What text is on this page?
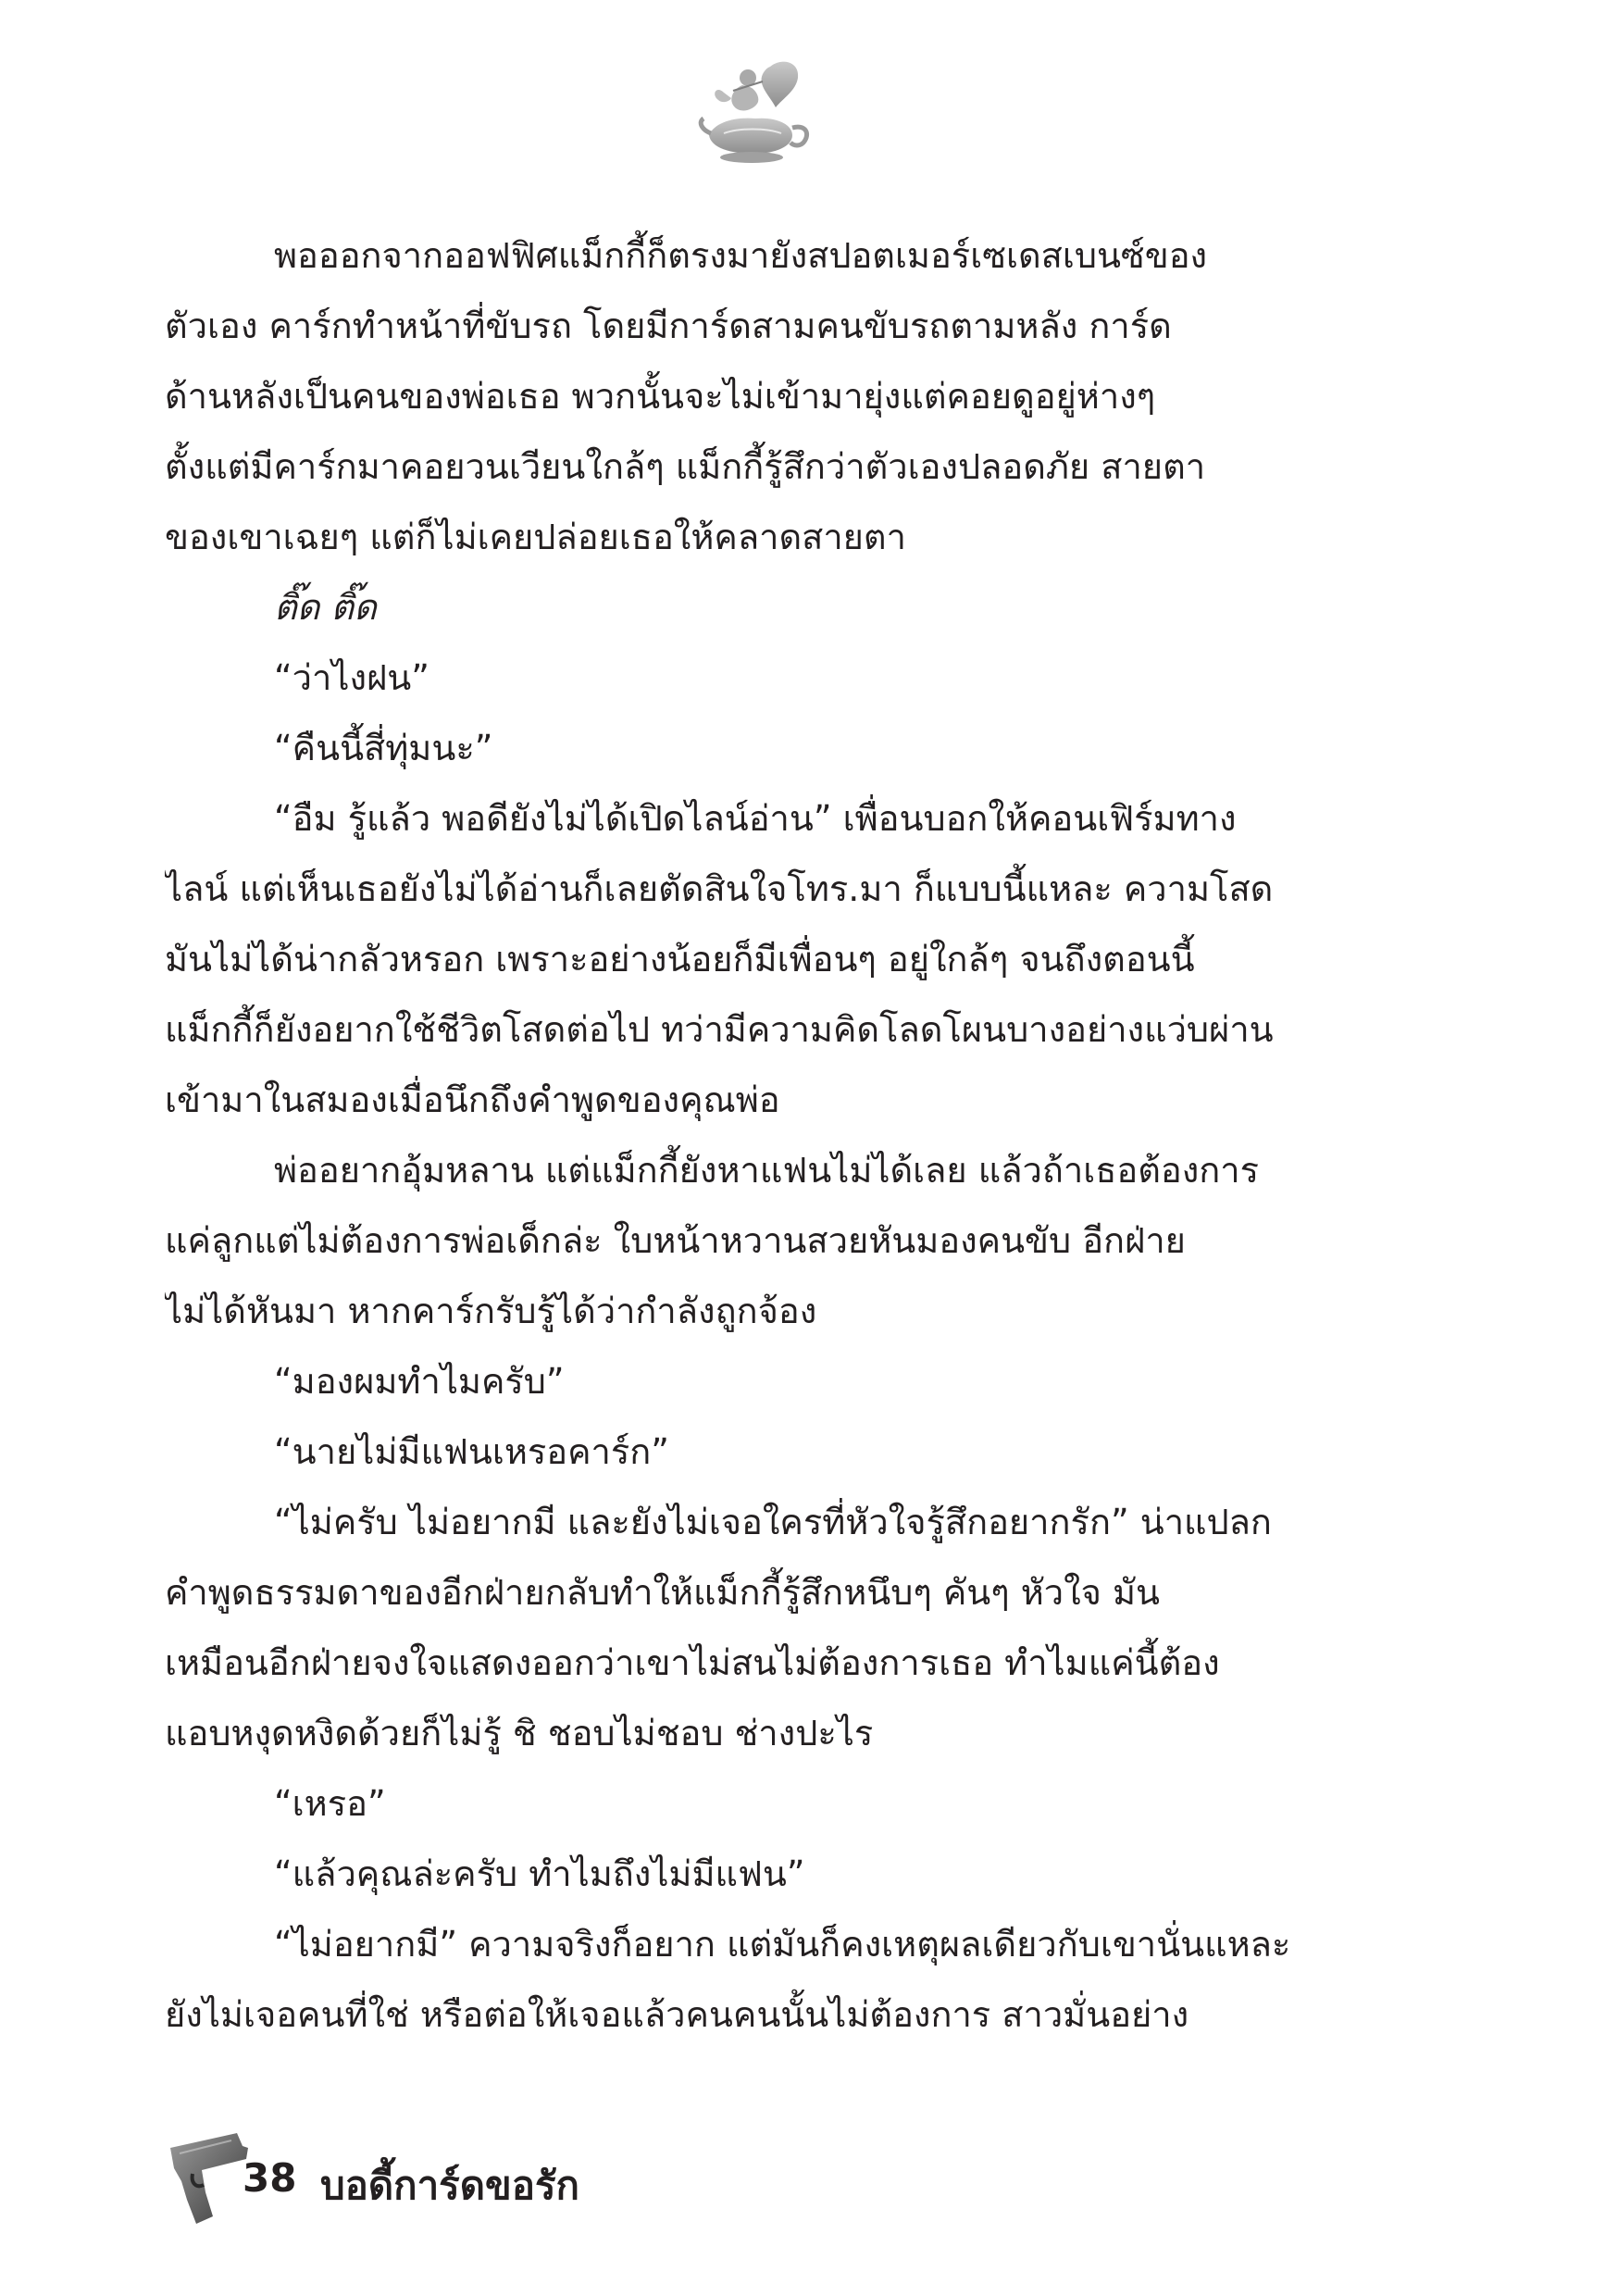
พอออกจากออฟฟิศแม็กกี้ก็ตรงมายังสปอตเมอร์เซเดสเบนซ์ของ
ตัวเอง คาร์กทำหน้าที่ขับรถ โดยมีการ์ดสามคนขับรถตามหลัง การ์ด
ด้านหลังเป็นคนของพ่อเธอ พวกนั้นจะไม่เข้ามายุ่งแต่คอยดูอยู่ห่างๆ
ตั้งแต่มีคาร์กมาคอยวนเวียนใกล้ๆ แม็กกี้รู้สึกว่าตัวเองปลอดภัย สายตา
ของเขาเฉยๆ แต่ก็ไม่เคยปล่อยเธอให้คลาดสายตา
ติ๊ด ติ๊ด
“ว่าไงฝน”
“คืนนี้สี่ทุ่มนะ”
“อืม รู้แล้ว พอดียังไม่ได้เปิดไลน์อ่าน” เพื่อนบอกให้คอนเฟิร์มทาง
ไลน์ แต่เห็นเธอยังไม่ได้อ่านก็เลยตัดสินใจโทร.มา ก็แบบนี้แหละ ความโสด
มันไม่ได้น่ากลัวหรอก เพราะอย่างน้อยก็มีเพื่อนๆ อยู่ใกล้ๆ จนถึงตอนนี้
แม็กกี้ก็ยังอยากใช้ชีวิตโสดต่อไป ทว่ามีความคิดโลดโผนบางอย่างแว่บผ่าน
เข้ามาในสมองเมื่อนึกถึงคำพูดของคุณพ่อ
พ่ออยากอุ้มหลาน แต่แม็กกี้ยังหาแฟนไม่ได้เลย แล้วถ้าเธอต้องการ
แค่ลูกแต่ไม่ต้องการพ่อเด็กล่ะ ใบหน้าหวานสวยหันมองคนขับ อีกฝ่าย
ไม่ได้หันมา หากคาร์กรับรู้ได้ว่ากำลังถูกจ้อง
“มองผมทำไมครับ”
“นายไม่มีแฟนเหรอคาร์ก”
“ไม่ครับ ไม่อยากมี และยังไม่เจอใครที่หัวใจรู้สึกอยากรัก” น่าแปลก
คำพูดธรรมดาของอีกฝ่ายกลับทำให้แม็กกี้รู้สึกหนึบๆ คันๆ หัวใจ มัน
เหมือนอีกฝ่ายจงใจแสดงออกว่าเขาไม่สนไม่ต้องการเธอ ทำไมแค่นี้ต้อง
แอบหงุดหงิดด้วยก็ไม่รู้ ชิ ชอบไม่ชอบ ช่างปะไร
“เหรอ”
“แล้วคุณล่ะครับ ทำไมถึงไม่มีแฟน”
“ไม่อยากมี” ความจริงก็อยาก แต่มันก็คงเหตุผลเดียวกับเขานั่นแหละ
ยังไม่เจอคนที่ใช่ หรือต่อให้เจอแล้วคนคนนั้นไม่ต้องการ สาวมั่นอย่าง
38 บอดี้การ์ดขอรัก
